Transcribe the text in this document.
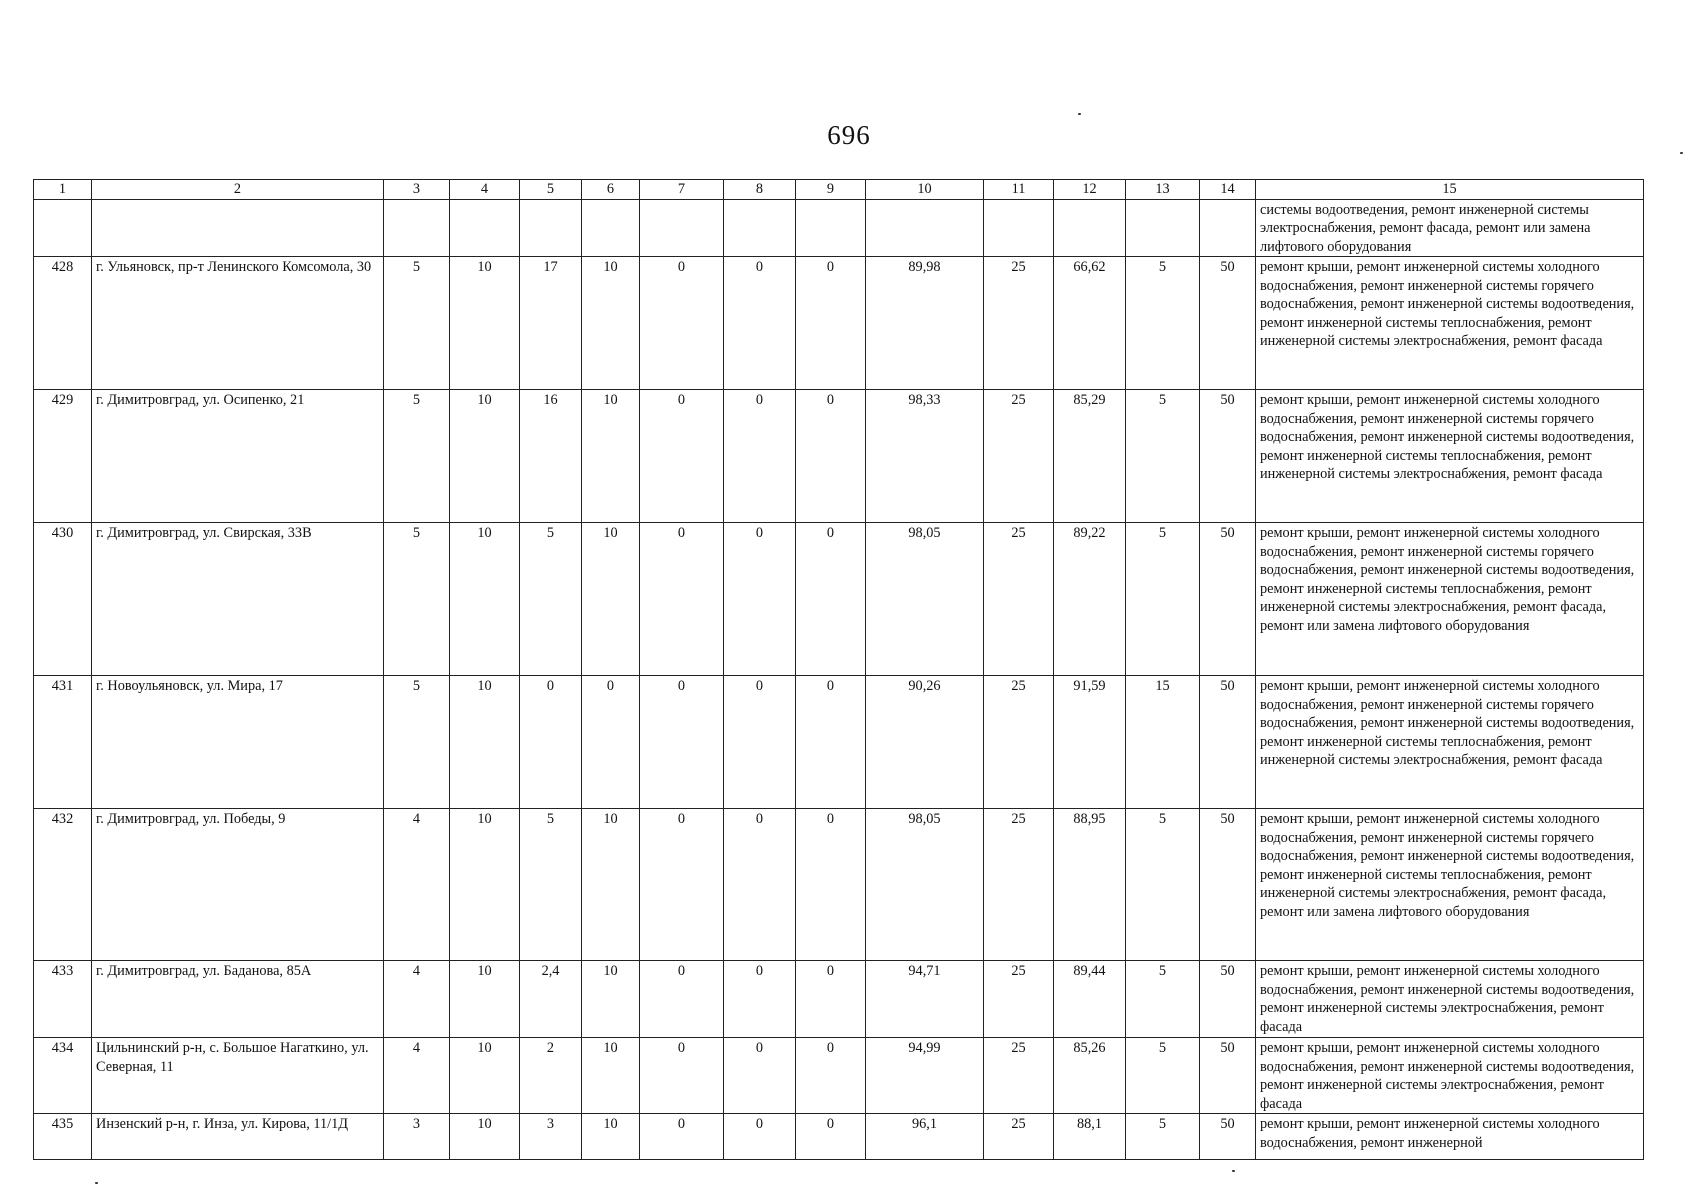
696
1	2	3	4	5	6	7	8	9	10	11	12	13	14	15
														системы водоотведения, ремонт инженерной системы электроснабжения, ремонт фасада, ремонт или замена лифтового оборудования
428	г. Ульяновск, пр-т Ленинского Комсомола, 30	5	10	17	10	0	0	0	89,98	25	66,62	5	50	ремонт крыши, ремонт инженерной системы холодного водоснабжения, ремонт инженерной системы горячего водоснабжения, ремонт инженерной системы водоотведения, ремонт инженерной системы теплоснабжения, ремонт инженерной системы электроснабжения, ремонт фасада
429	г. Димитровград, ул. Осипенко, 21	5	10	16	10	0	0	0	98,33	25	85,29	5	50	ремонт крыши, ремонт инженерной системы холодного водоснабжения, ремонт инженерной системы горячего водоснабжения, ремонт инженерной системы водоотведения, ремонт инженерной системы теплоснабжения, ремонт инженерной системы электроснабжения, ремонт фасада
430	г. Димитровград, ул. Свирская, 33В	5	10	5	10	0	0	0	98,05	25	89,22	5	50	ремонт крыши, ремонт инженерной системы холодного водоснабжения, ремонт инженерной системы горячего водоснабжения, ремонт инженерной системы водоотведения, ремонт инженерной системы теплоснабжения, ремонт инженерной системы электроснабжения, ремонт фасада, ремонт или замена лифтового оборудования
431	г. Новоульяновск, ул. Мира, 17	5	10	0	0	0	0	0	90,26	25	91,59	15	50	ремонт крыши, ремонт инженерной системы холодного водоснабжения, ремонт инженерной системы горячего водоснабжения, ремонт инженерной системы водоотведения, ремонт инженерной системы теплоснабжения, ремонт инженерной системы электроснабжения, ремонт фасада
432	г. Димитровград, ул. Победы, 9	4	10	5	10	0	0	0	98,05	25	88,95	5	50	ремонт крыши, ремонт инженерной системы холодного водоснабжения, ремонт инженерной системы горячего водоснабжения, ремонт инженерной системы водоотведения, ремонт инженерной системы теплоснабжения, ремонт инженерной системы электроснабжения, ремонт фасада, ремонт или замена лифтового оборудования
433	г. Димитровград, ул. Баданова, 85А	4	10	2,4	10	0	0	0	94,71	25	89,44	5	50	ремонт крыши, ремонт инженерной системы холодного водоснабжения, ремонт инженерной системы водоотведения, ремонт инженерной системы электроснабжения, ремонт фасада
434	Цильнинский р-н, с. Большое Нагаткино, ул. Северная, 11	4	10	2	10	0	0	0	94,99	25	85,26	5	50	ремонт крыши, ремонт инженерной системы холодного водоснабжения, ремонт инженерной системы водоотведения, ремонт инженерной системы электроснабжения, ремонт фасада
435	Инзенский р-н, г. Инза, ул. Кирова, 11/1Д	3	10	3	10	0	0	0	96,1	25	88,1	5	50	ремонт крыши, ремонт инженерной системы холодного водоснабжения, ремонт инженерной
